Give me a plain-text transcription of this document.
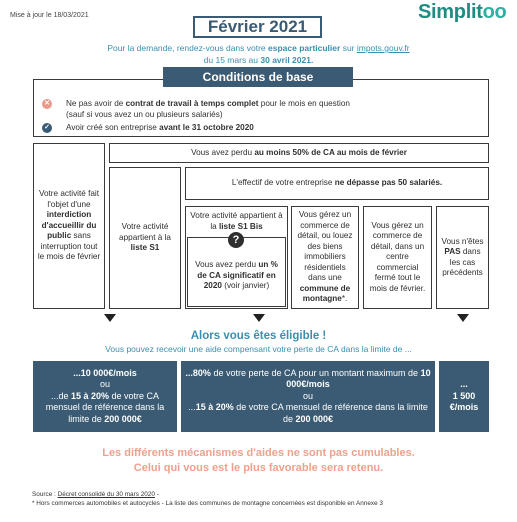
Mise à jour le 18/03/2021	Simplitoo
Février 2021
Pour la demande, rendez-vous dans votre espace particulier sur impots.gouv.fr
du 15 mars au 30 avril 2021.
✕ Ne pas avoir de contrat de travail à temps complet pour le mois en question
(sauf si vous avez un ou plusieurs salariés)
✓ Avoir créé son entreprise avant le 31 octobre 2020
Conditions de base
Votre activité fait l'objet d'une interdiction d'accueillir du public sans interruption tout le mois de février
Vous avez perdu au moins 50% de CA au mois de février
Votre activité appartient à la liste S1
L'effectif de votre entreprise ne dépasse pas 50 salariés.
Votre activité appartient à la liste S1 Bis
Vous avez perdu un % de CA significatif en 2020 (voir janvier)
?
Vous gérez un commerce de détail, ou louez des biens immobiliers résidentiels dans une commune de montagne*.
Vous gérez un commerce de détail, dans un centre commercial fermé tout le mois de février.
Vous n'êtes PAS dans les cas précédents
Alors vous êtes éligible !
Vous pouvez recevoir une aide compensant votre perte de CA dans la limite de ...
...10 000€/mois
ou
...de 15 à 20% de votre CA mensuel de référence dans la limite de 200 000€
...80% de votre perte de CA pour un montant maximum de 10 000€/mois
ou
...15 à 20% de votre CA mensuel de référence dans la limite de 200 000€
...
1 500 €/mois
Les différents mécanismes d'aides ne sont pas cumulables.
Celui qui vous est le plus favorable sera retenu.
Source : Décret consolidé du 30 mars 2020 -
* Hors commerces automobiles et autocycles - La liste des communes de montagne concernées est disponible en Annexe 3
